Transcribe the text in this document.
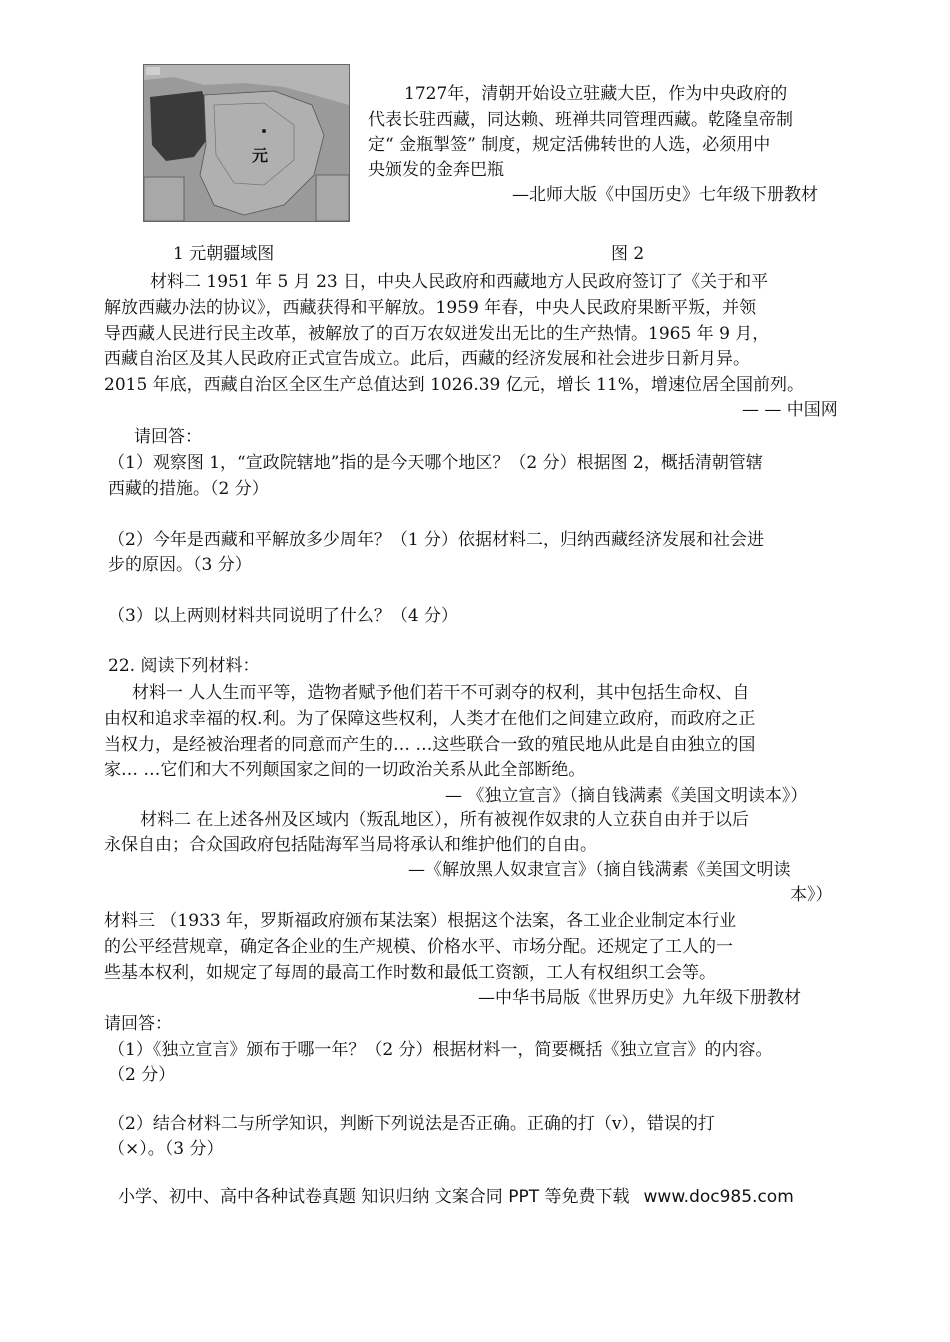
元
1727年，清朝开始设立驻藏大臣，作为中央政府的
代表长驻西藏，同达赖、班禅共同管理西藏。乾隆皇帝制
定“ 金瓶掣签” 制度，规定活佛转世的人选，必须用中
央颁发的金奔巴瓶
—北师大版《中国历史》七年级下册教材
1 元朝疆域图	图 2
材料二 1951 年 5 月 23 日，中央人民政府和西藏地方人民政府签订了《关于和平
解放西藏办法的协议》，西藏获得和平解放。1959 年春，中央人民政府果断平叛，并领
导西藏人民进行民主改革，被解放了的百万农奴迸发出无比的生产热情。1965 年 9 月，
西藏自治区及其人民政府正式宣告成立。此后，西藏的经济发展和社会进步日新月异。
2015 年底，西藏自治区全区生产总值达到 1026.39 亿元，增长 11%，增速位居全国前列。
— — 中国网
请回答：
（1）观察图 1，“宣政院辖地”指的是今天哪个地区？（2 分）根据图 2，概括清朝管辖
西藏的措施。（2 分）
（2）今年是西藏和平解放多少周年？（1 分）依据材料二，归纳西藏经济发展和社会进
步的原因。（3 分）
（3）以上两则材料共同说明了什么？（4 分）
22. 阅读下列材料：
材料一 人人生而平等，造物者赋予他们若干不可剥夺的权利，其中包括生命权、自
由权和追求幸福的权.利。为了保障这些权利，人类才在他们之间建立政府，而政府之正
当权力，是经被治理者的同意而产生的… …这些联合一致的殖民地从此是自由独立的国
家… …它们和大不列颠国家之间的一切政治关系从此全部断绝。
— 《独立宣言》（摘自钱满素《美国文明读本》）
材料二 在上述各州及区域内（叛乱地区），所有被视作奴隶的人立获自由并于以后
永保自由；合众国政府包括陆海军当局将承认和维护他们的自由。
—《解放黑人奴隶宣言》（摘自钱满素《美国文明读
本》）
材料三 （1933 年，罗斯福政府颁布某法案）根据这个法案，各工业企业制定本行业
的公平经营规章，确定各企业的生产规模、价格水平、市场分配。还规定了工人的一
些基本权利，如规定了每周的最高工作时数和最低工资额，工人有权组织工会等。
—中华书局版《世界历史》九年级下册教材
请回答：
（1）《独立宣言》颁布于哪一年？（2 分）根据材料一，简要概括《独立宣言》的内容。
（2 分）
（2）结合材料二与所学知识，判断下列说法是否正确。正确的打（v），错误的打
（×）。（3 分）
小学、初中、高中各种试卷真题 知识归纳 文案合同 PPT 等免费下载 www.doc985.com
